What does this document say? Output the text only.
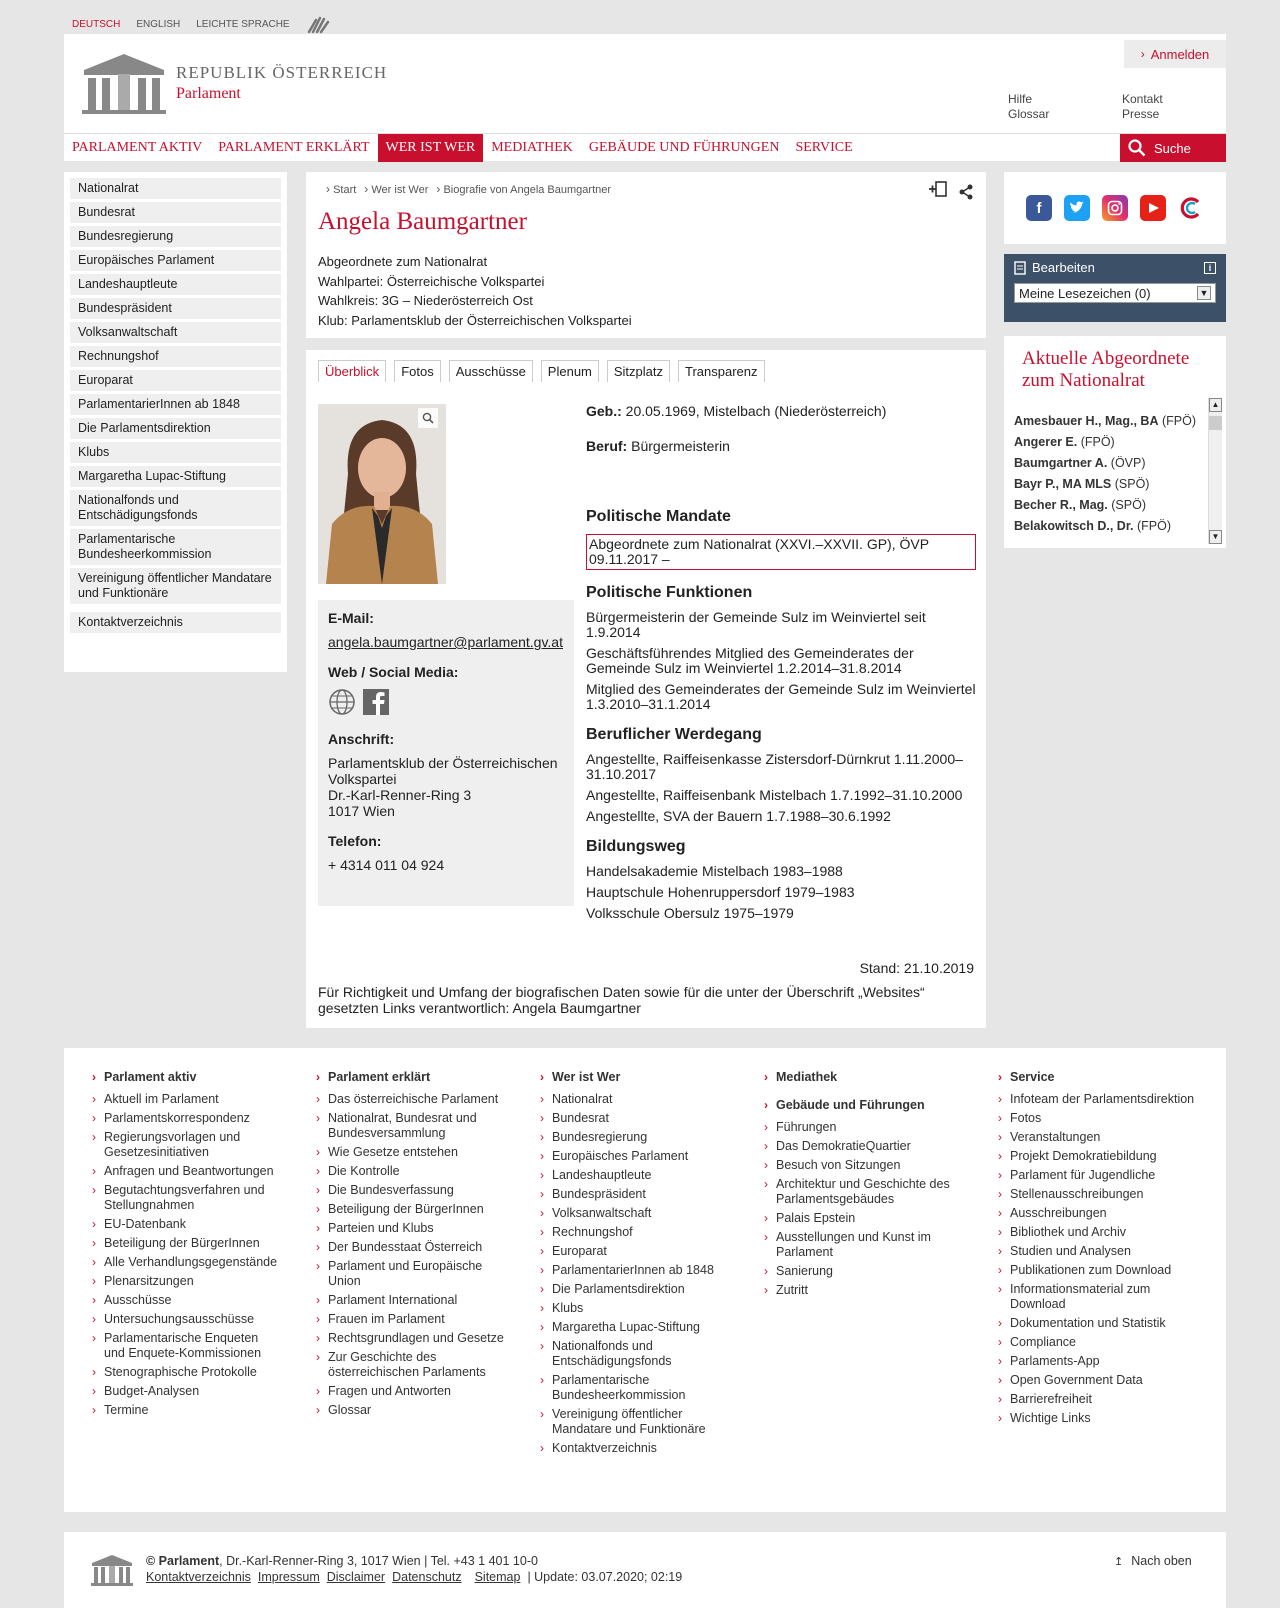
DEUTSCH ENGLISH LEICHTE SPRACHE
REPUBLIK ÖSTERREICH
Parlament
› Anmelden
Hilfe
Glossar
Kontakt
Presse
PARLAMENT AKTIV	PARLAMENT ERKLÄRT	WER IST WER	MEDIATHEK	GEBÄUDE UND FÜHRUNGEN	SERVICE	Suche
Nationalrat
Bundesrat
Bundesregierung
Europäisches Parlament
Landeshauptleute
Bundespräsident
Volksanwaltschaft
Rechnungshof
Europarat
ParlamentarierInnen ab 1848
Die Parlamentsdirektion
Klubs
Margaretha Lupac-Stiftung
Nationalfonds und Entschädigungsfonds
Parlamentarische Bundesheerkommission
Vereinigung öffentlicher Mandatare und Funktionäre
Kontaktverzeichnis
› Start › Wer ist Wer › Biografie von Angela Baumgartner
Angela Baumgartner
Abgeordnete zum Nationalrat
Wahlpartei: Österreichische Volkspartei
Wahlkreis: 3G – Niederösterreich Ost
Klub: Parlamentsklub der Österreichischen Volkspartei
Überblick	Fotos	Ausschüsse	Plenum	Sitzplatz	Transparenz
E-Mail:
angela.baumgartner@parlament.gv.at
Web / Social Media:
Anschrift:
Parlamentsklub der Österreichischen Volkspartei
Dr.-Karl-Renner-Ring 3
1017 Wien
Telefon:
+ 4314 011 04 924

Geb.: 20.05.1969, Mistelbach (Niederösterreich)

Beruf: Bürgermeisterin

Politische Mandate
Abgeordnete zum Nationalrat (XXVI.–XXVII. GP), ÖVP
09.11.2017 –
Politische Funktionen

Bürgermeisterin der Gemeinde Sulz im Weinviertel seit 1.9.2014

Geschäftsführendes Mitglied des Gemeinderates der Gemeinde Sulz im Weinviertel 1.2.2014–31.8.2014

Mitglied des Gemeinderates der Gemeinde Sulz im Weinviertel 1.3.2010–31.1.2014

Beruflicher Werdegang

Angestellte, Raiffeisenkasse Zistersdorf-Dürnkrut 1.11.2000–31.10.2017

Angestellte, Raiffeisenbank Mistelbach 1.7.1992–31.10.2000

Angestellte, SVA der Bauern 1.7.1988–30.6.1992

Bildungsweg

Handelsakademie Mistelbach 1983–1988

Hauptschule Hohenruppersdorf 1979–1983

Volksschule Obersulz 1975–1979

Stand: 21.10.2019
Für Richtigkeit und Umfang der biografischen Daten sowie für die unter der Überschrift „Websites“ gesetzten Links verantwortlich: Angela Baumgartner
f
Bearbeiten	i
Meine Lesezeichen (0)	▼
Aktuelle Abgeordnete zum Nationalrat
Amesbauer H., Mag., BA (FPÖ)
Angerer E. (FPÖ)
Baumgartner A. (ÖVP)
Bayr P., MA MLS (SPÖ)
Becher R., Mag. (SPÖ)
Belakowitsch D., Dr. (FPÖ)
▲
▼
› Parlament aktiv
› Aktuell im Parlament
› Parlamentskorrespondenz
› Regierungsvorlagen und Gesetzesinitiativen
› Anfragen und Beantwortungen
› Begutachtungsverfahren und Stellungnahmen
› EU-Datenbank
› Beteiligung der BürgerInnen
› Alle Verhandlungsgegenstände
› Plenarsitzungen
› Ausschüsse
› Untersuchungsausschüsse
› Parlamentarische Enqueten und Enquete-Kommissionen
› Stenographische Protokolle
› Budget-Analysen
› Termine
› Parlament erklärt
› Das österreichische Parlament
› Nationalrat, Bundesrat und Bundesversammlung
› Wie Gesetze entstehen
› Die Kontrolle
› Die Bundesverfassung
› Beteiligung der BürgerInnen
› Parteien und Klubs
› Der Bundesstaat Österreich
› Parlament und Europäische Union
› Parlament International
› Frauen im Parlament
› Rechtsgrundlagen und Gesetze
› Zur Geschichte des österreichischen Parlaments
› Fragen und Antworten
› Glossar
› Wer ist Wer
› Nationalrat
› Bundesrat
› Bundesregierung
› Europäisches Parlament
› Landeshauptleute
› Bundespräsident
› Volksanwaltschaft
› Rechnungshof
› Europarat
› ParlamentarierInnen ab 1848
› Die Parlamentsdirektion
› Klubs
› Margaretha Lupac-Stiftung
› Nationalfonds und Entschädigungsfonds
› Parlamentarische Bundesheerkommission
› Vereinigung öffentlicher Mandatare und Funktionäre
› Kontaktverzeichnis
› Mediathek
› Gebäude und Führungen
› Führungen
› Das DemokratieQuartier
› Besuch von Sitzungen
› Architektur und Geschichte des Parlamentsgebäudes
› Palais Epstein
› Ausstellungen und Kunst im Parlament
› Sanierung
› Zutritt
› Service
› Infoteam der Parlamentsdirektion
› Fotos
› Veranstaltungen
› Projekt Demokratiebildung
› Parlament für Jugendliche
› Stellenausschreibungen
› Ausschreibungen
› Bibliothek und Archiv
› Studien und Analysen
› Publikationen zum Download
› Informationsmaterial zum Download
› Dokumentation und Statistik
› Compliance
› Parlaments-App
› Open Government Data
› Barrierefreiheit
› Wichtige Links
© Parlament, Dr.-Karl-Renner-Ring 3, 1017 Wien | Tel. +43 1 401 10-0
Kontaktverzeichnis Impressum Disclaimer Datenschutz Sitemap | Update: 03.07.2020; 02:19
↥ Nach oben
